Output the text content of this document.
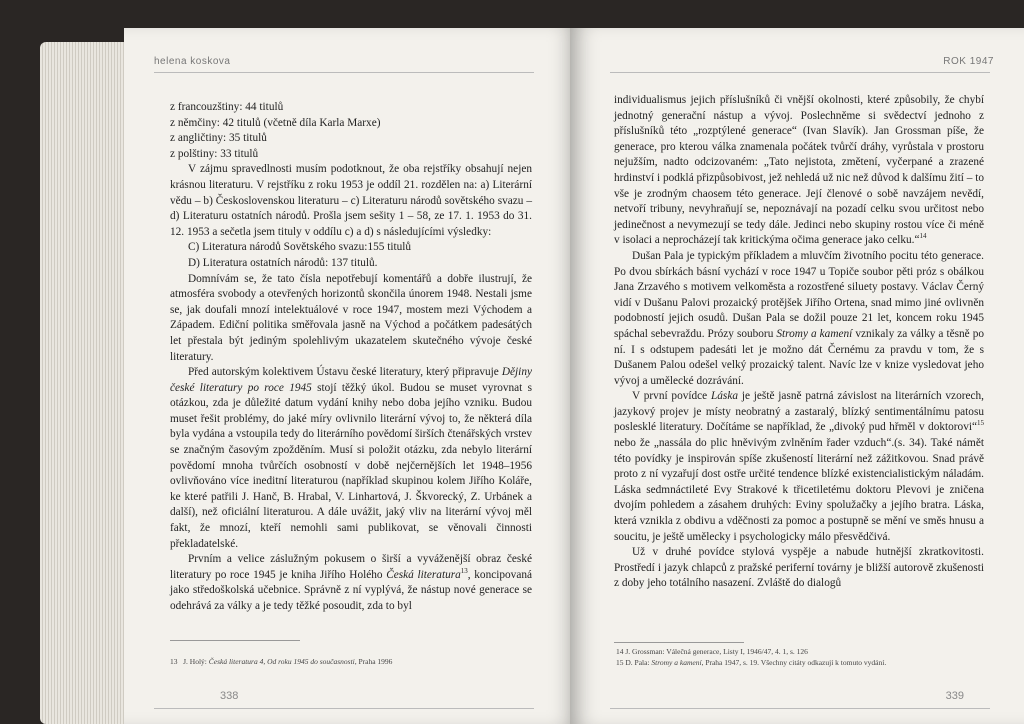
helena koskova

z francouzštiny: 44 titulů
z němčiny: 42 titulů (včetně díla Karla Marxe)
z angličtiny: 35 titulů
z polštiny: 33 titulů

V zájmu spravedlnosti musím podotknout, že oba rejstříky obsahují nejen krásnou literaturu. V rejstříku z roku 1953 je oddíl 21. rozdělen na: a) Literární vědu – b) Československou literaturu – c) Literaturu národů sovětského svazu – d) Literaturu ostatních národů. Prošla jsem sešity 1 – 58, ze 17. 1. 1953 do 31. 12. 1953 a sečetla jsem tituly v oddílu c) a d) s následujícími výsledky:

C) Literatura národů Sovětského svazu:155 titulů

D) Literatura ostatních národů: 137 titulů.

Domnívám se, že tato čísla nepotřebují komentářů a dobře ilustrují, že atmosféra svobody a otevřených horizontů skončila únorem 1948. Nestali jsme se, jak doufali mnozí intelektuálové v roce 1947, mostem mezi Východem a Západem. Ediční politika směřovala jasně na Východ a počátkem padesátých let přestala být jediným spolehlivým ukazatelem skutečného vývoje české literatury.

Před autorským kolektivem Ústavu české literatury, který připravuje Dějiny české literatury po roce 1945 stojí těžký úkol. Budou se muset vyrovnat s otázkou, zda je důležité datum vydání knihy nebo doba jejího vzniku. Budou muset řešit problémy, do jaké míry ovlivnilo literární vývoj to, že některá díla byla vydána a vstoupila tedy do literárního povědomí širších čtenářských vrstev se značným časovým zpožděním. Musí si položit otázku, zda nebylo literární povědomí mnoha tvůrčích osobností v době nejčernějších let 1948–1956 ovlivňováno více ineditní literaturou (například skupinou kolem Jiřího Koláře, ke které patřili J. Hanč, B. Hrabal, V. Linhartová, J. Škvorecký, Z. Urbánek a další), než oficiální literaturou. A dále uvážit, jaký vliv na literární vývoj měl fakt, že mnozí, kteří nemohli sami publikovat, se věnovali činnosti překladatelské.

Prvním a velice záslužným pokusem o širší a vyváženější obraz české literatury po roce 1945 je kniha Jiřího Holého Česká literatura$^{13}$, koncipovaná jako středoškolská učebnice. Správně z ní vyplývá, že nástup nové generace se odehrává za války a je tedy těžké posoudit, zda to byl

13 J. Holý: Česká literatura 4, Od roku 1945 do současnosti, Praha 1996
338
ROK 1947

individualismus jejich příslušníků či vnější okolnosti, které způsobily, že chybí jednotný generační nástup a vývoj. Poslechněme si svědectví jednoho z příslušníků této „rozptýlené generace“ (Ivan Slavík). Jan Grossman píše, že generace, pro kterou válka znamenala počátek tvůrčí dráhy, vyrůstala v prostoru nejužším, nadto odcizovaném: „Tato nejistota, změtení, vyčerpané a zrazené hrdinství i podklá přizpůsobivost, jež nehledá už nic než důvod k dalšímu žití – to vše je zrodným chaosem této generace. Její členové o sobě navzájem nevědí, netvoří tribuny, nevyhraňují se, nepoznávají na pozadí celku svou určitost nebo jedinečnost a nevymezují se tedy dále. Jedinci nebo skupiny rostou více či méně v isolaci a neprocházejí tak kritickýma očima generace jako celku.“$^{14}$

Dušan Pala je typickým příkladem a mluvčím životního pocitu této generace. Po dvou sbírkách básní vychází v roce 1947 u Topiče soubor pěti próz s obálkou Jana Zrzavého s motivem velkoměsta a rozostřené siluety postavy. Václav Černý vidí v Dušanu Palovi prozaický protějšek Jiřího Ortena, snad mimo jiné ovlivněn podobností jejich osudů. Dušan Pala se dožil pouze 21 let, koncem roku 1945 spáchal sebevraždu. Prózy souboru Stromy a kamení vznikaly za války a těsně po ní. I s odstupem padesáti let je možno dát Černému za pravdu v tom, že s Dušanem Palou odešel velký prozaický talent. Navíc lze v knize vysledovat jeho vývoj a umělecké dozrávání.

V první povídce Láska je ještě jasně patrná závislost na literárních vzorech, jazykový projev je místy neobratný a zastaralý, blízký sentimentálnímu patosu poslesklé literatury. Dočítáme se například, že „divoký pud hřměl v doktorovi“$^{15}$ nebo že „nassála do plic hněvivým zvlněním řader vzduch“.(s. 34). Také námět této povídky je inspirován spíše zkušeností literární než zážitkovou. Snad právě proto z ní vyzařují dost ostře určité tendence blízké existencialistickým náladám. Láska sedmnáctileté Evy Strakové k třicetiletému doktoru Plevovi je zničena dvojím pohledem a zásahem druhých: Eviny spolužačky a jejího bratra. Láska, která vznikla z obdivu a vděčnosti za pomoc a postupně se mění ve směs hnusu a soucitu, je ještě umělecky i psychologicky málo přesvědčivá.

Už v druhé povídce stylová vyspěje a nabude hutnější zkratkovitosti. Prostředí i jazyk chlapců z pražské periferní továrny je bližší autorově zkušenosti z doby jeho totálního nasazení. Zvláště do dialogů

14 J. Grossman: Válečná generace, Listy I, 1946/47, 4. 1, s. 126
15 D. Pala: Stromy a kamení, Praha 1947, s. 19. Všechny citáty odkazují k tomuto vydání.
339
